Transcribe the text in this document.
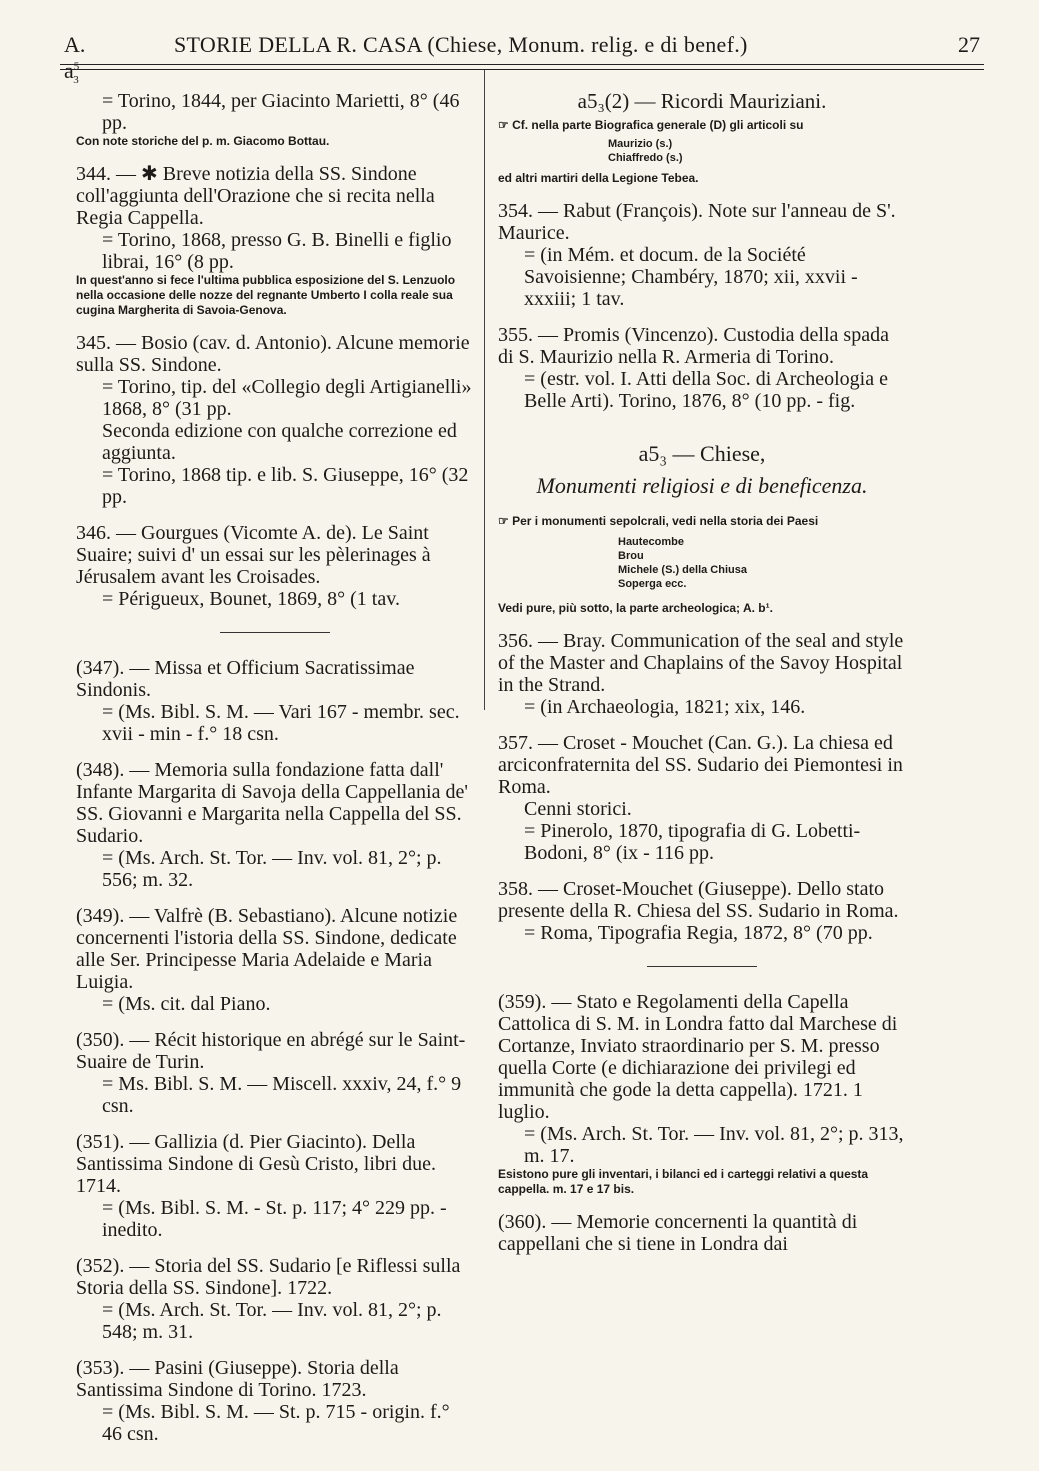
A. $a^5_3$
STORIE DELLA R. CASA (Chiese, Monum. relig. e di benef.)	27

= Torino, 1844, per Giacinto Marietti, 8° (46 pp.

Con note storiche del p. m. Giacomo Bottau.

344. — ✱ Breve notizia della SS. Sindone coll'aggiunta dell'Orazione che si recita nella Regia Cappella.

= Torino, 1868, presso G. B. Binelli e figlio librai, 16° (8 pp.

In quest'anno si fece l'ultima pubblica esposizione del S. Lenzuolo nella occasione delle nozze del regnante Umberto I colla reale sua cugina Margherita di Savoia-Genova.

345. — Bosio (cav. d. Antonio). Alcune memorie sulla SS. Sindone.

= Torino, tip. del «Collegio degli Artigianelli» 1868, 8° (31 pp.

Seconda edizione con qualche correzione ed aggiunta.

= Torino, 1868 tip. e lib. S. Giuseppe, 16° (32 pp.

346. — Gourgues (Vicomte A. de). Le Saint Suaire; suivi d' un essai sur les pèlerinages à Jérusalem avant les Croisades.

= Périgueux, Bounet, 1869, 8° (1 tav.

(347). — Missa et Officium Sacratissimae Sindonis.

= (Ms. Bibl. S. M. — Vari 167 - membr. sec. xvii - min - f.° 18 csn.

(348). — Memoria sulla fondazione fatta dall' Infante Margarita di Savoja della Cappellania de' SS. Giovanni e Margarita nella Cappella del SS. Sudario.

= (Ms. Arch. St. Tor. — Inv. vol. 81, 2°; p. 556; m. 32.

(349). — Valfrè (B. Sebastiano). Alcune notizie concernenti l'istoria della SS. Sindone, dedicate alle Ser. Principesse Maria Adelaide e Maria Luigia.

= (Ms. cit. dal Piano.

(350). — Récit historique en abrégé sur le Saint-Suaire de Turin.

= Ms. Bibl. S. M. — Miscell. xxxiv, 24, f.° 9 csn.

(351). — Gallizia (d. Pier Giacinto). Della Santissima Sindone di Gesù Cristo, libri due. 1714.

= (Ms. Bibl. S. M. - St. p. 117; 4° 229 pp. - inedito.

(352). — Storia del SS. Sudario [e Riflessi sulla Storia della SS. Sindone]. 1722.

= (Ms. Arch. St. Tor. — Inv. vol. 81, 2°; p. 548; m. 31.

(353). — Pasini (Giuseppe). Storia della Santissima Sindone di Torino. 1723.

= (Ms. Bibl. S. M. — St. p. 715 - origin. f.° 46 csn.

a5₃(2) — Ricordi Mauriziani.

☞ Cf. nella parte Biografica generale (D) gli articoli su

Maurizio (s.)
Chiaffredo (s.)

ed altri martiri della Legione Tebea.

354. — Rabut (François). Note sur l'anneau de S'. Maurice.

= (in Mém. et docum. de la Société Savoisienne; Chambéry, 1870; xii, xxvii - xxxiii; 1 tav.

355. — Promis (Vincenzo). Custodia della spada di S. Maurizio nella R. Armeria di Torino.

= (estr. vol. I. Atti della Soc. di Archeologia e Belle Arti). Torino, 1876, 8° (10 pp. - fig.

a5₃ — Chiese,

Monumenti religiosi e di beneficenza.

☞ Per i monumenti sepolcrali, vedi nella storia dei Paesi

Hautecombe
Brou
Michele (S.) della Chiusa
Soperga ecc.

Vedi pure, più sotto, la parte archeologica; A. b¹.

356. — Bray. Communication of the seal and style of the Master and Chaplains of the Savoy Hospital in the Strand.

= (in Archaeologia, 1821; xix, 146.

357. — Croset - Mouchet (Can. G.). La chiesa ed arciconfraternita del SS. Sudario dei Piemontesi in Roma.

Cenni storici.

= Pinerolo, 1870, tipografia di G. Lobetti-Bodoni, 8° (ix - 116 pp.

358. — Croset-Mouchet (Giuseppe). Dello stato presente della R. Chiesa del SS. Sudario in Roma.

= Roma, Tipografia Regia, 1872, 8° (70 pp.

(359). — Stato e Regolamenti della Capella Cattolica di S. M. in Londra fatto dal Marchese di Cortanze, Inviato straordinario per S. M. presso quella Corte (e dichiarazione dei privilegi ed immunità che gode la detta cappella). 1721. 1 luglio.

= (Ms. Arch. St. Tor. — Inv. vol. 81, 2°; p. 313, m. 17.

Esistono pure gli inventari, i bilanci ed i carteggi relativi a questa cappella. m. 17 e 17 bis.

(360). — Memorie concernenti la quantità di cappellani che si tiene in Londra dai
